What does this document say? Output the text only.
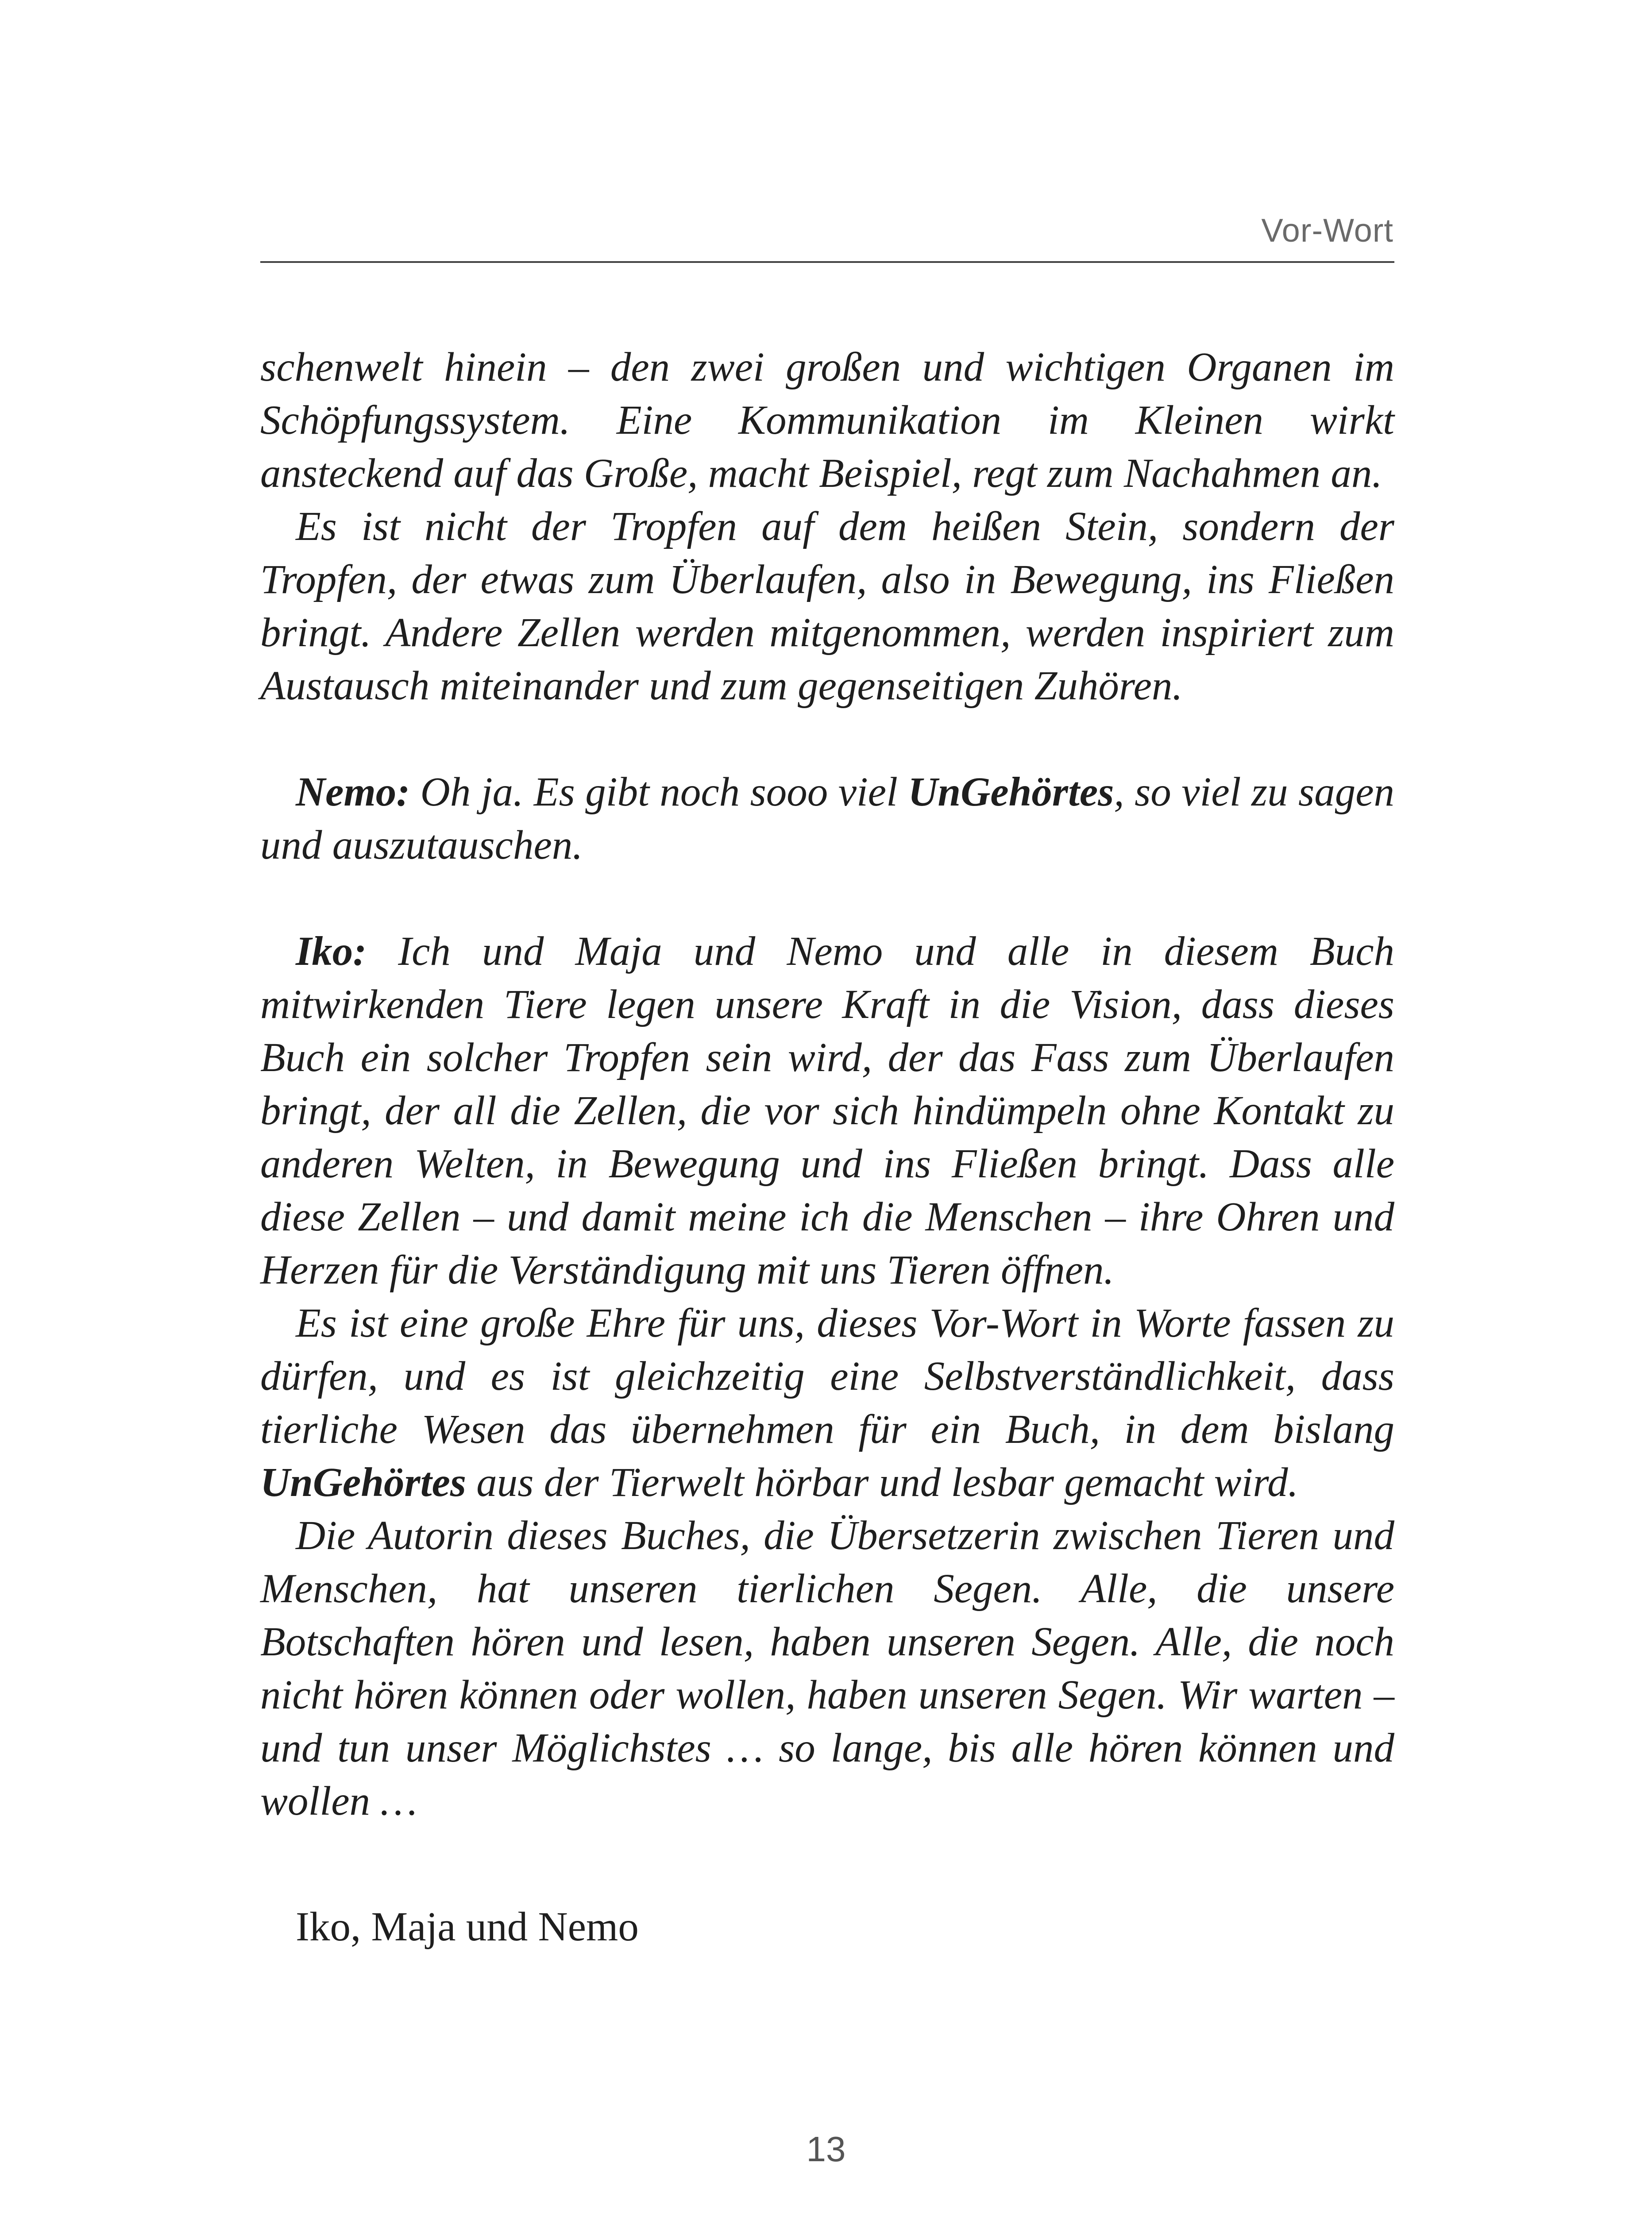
Vor-Wort

schenwelt hinein – den zwei großen und wichtigen Organen im Schöpfungssystem. Eine Kommunikation im Kleinen wirkt ansteckend auf das Große, macht Beispiel, regt zum Nachahmen an.

Es ist nicht der Tropfen auf dem heißen Stein, sondern der Tropfen, der etwas zum Überlaufen, also in Bewegung, ins Fließen bringt. Andere Zellen werden mitgenommen, werden inspiriert zum Austausch miteinander und zum gegenseitigen Zuhören.

Nemo: Oh ja. Es gibt noch sooo viel UnGehörtes, so viel zu sagen und auszutauschen.

Iko: Ich und Maja und Nemo und alle in diesem Buch mitwirkenden Tiere legen unsere Kraft in die Vision, dass dieses Buch ein solcher Tropfen sein wird, der das Fass zum Überlaufen bringt, der all die Zellen, die vor sich hindümpeln ohne Kontakt zu anderen Welten, in Bewegung und ins Fließen bringt. Dass alle diese Zellen – und damit meine ich die Menschen – ihre Ohren und Herzen für die Verständigung mit uns Tieren öffnen.

Es ist eine große Ehre für uns, dieses Vor-Wort in Worte fassen zu dürfen, und es ist gleichzeitig eine Selbstverständlichkeit, dass tierliche Wesen das übernehmen für ein Buch, in dem bislang UnGehörtes aus der Tierwelt hörbar und lesbar gemacht wird.

Die Autorin dieses Buches, die Übersetzerin zwischen Tieren und Menschen, hat unseren tierlichen Segen. Alle, die unsere Botschaften hören und lesen, haben unseren Segen. Alle, die noch nicht hören können oder wollen, haben unseren Segen. Wir warten – und tun unser Möglichstes … so lange, bis alle hören können und wollen …

Iko, Maja und Nemo
13
